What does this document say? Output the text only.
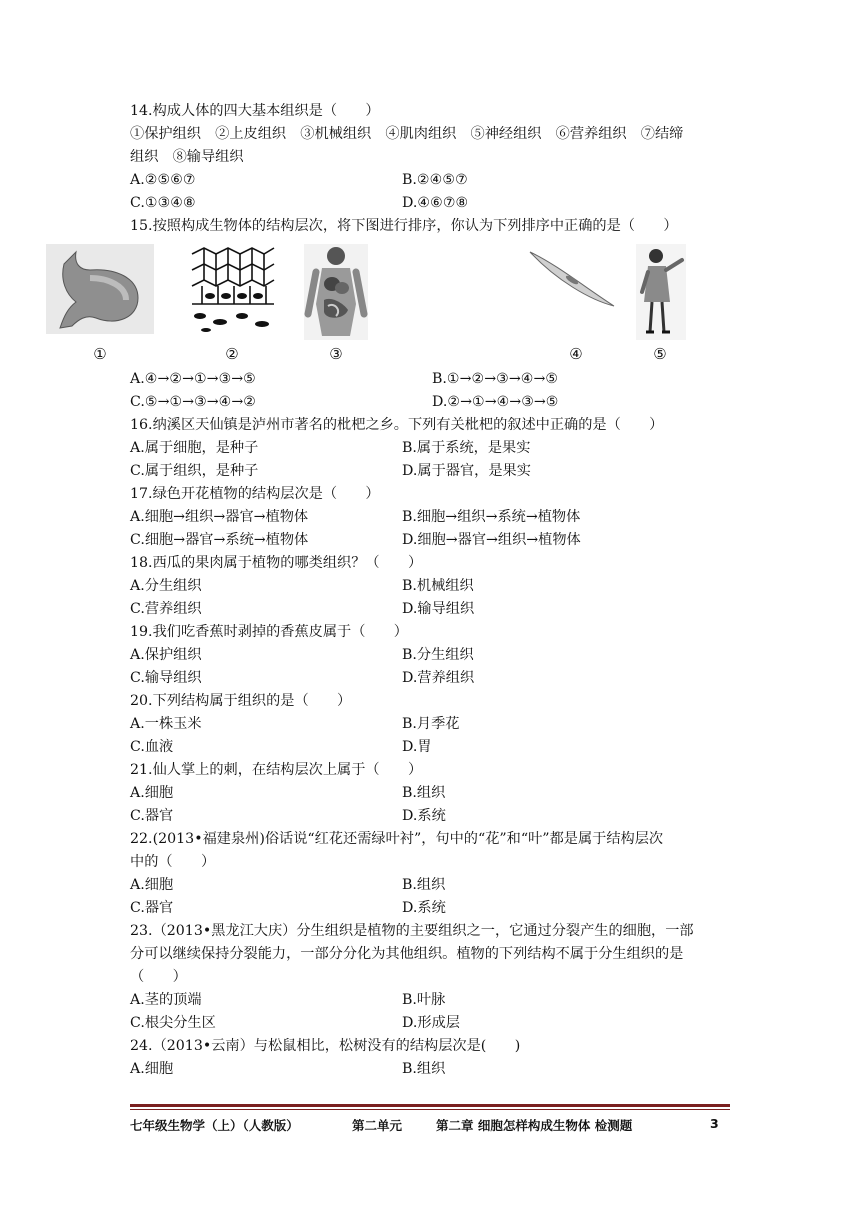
14.构成人体的四大基本组织是（　　）
①保护组织　②上皮组织　③机械组织　④肌肉组织　⑤神经组织　⑥营养组织　⑦结缔
组织　⑧输导组织
A.②⑤⑥⑦	B.②④⑤⑦
C.①③④⑧	D.④⑥⑦⑧
15.按照构成生物体的结构层次，将下图进行排序，你认为下列排序中正确的是（　　）
①	②	③	④	⑤
A.④→②→①→③→⑤	B.①→②→③→④→⑤
C.⑤→①→③→④→②	D.②→①→④→③→⑤
16.纳溪区天仙镇是泸州市著名的枇杷之乡。下列有关枇杷的叙述中正确的是（　　）
A.属于细胞，是种子	B.属于系统，是果实
C.属于组织，是种子	D.属于器官，是果实
17.绿色开花植物的结构层次是（　　）
A.细胞→组织→器官→植物体	B.细胞→组织→系统→植物体
C.细胞→器官→系统→植物体	D.细胞→器官→组织→植物体
18.西瓜的果肉属于植物的哪类组织？（　　）
A.分生组织	B.机械组织
C.营养组织	D.输导组织
19.我们吃香蕉时剥掉的香蕉皮属于（　　）
A.保护组织	B.分生组织
C.输导组织	D.营养组织
20.下列结构属于组织的是（　　）
A.一株玉米	B.月季花
C.血液	D.胃
21.仙人掌上的刺，在结构层次上属于（　　）
A.细胞	B.组织
C.器官	D.系统
22.(2013•福建泉州)俗话说“红花还需绿叶衬”，句中的“花”和“叶”都是属于结构层次
中的（　　）
A.细胞	B.组织
C.器官	D.系统
23.（2013•黑龙江大庆）分生组织是植物的主要组织之一，它通过分裂产生的细胞，一部
分可以继续保持分裂能力，一部分分化为其他组织。植物的下列结构不属于分生组织的是
（　　）
A.茎的顶端	B.叶脉
C.根尖分生区	D.形成层
24.（2013•云南）与松鼠相比，松树没有的结构层次是(　　)
A.细胞	B.组织
七年级生物学（上）（人教版）	第二单元	第二章 细胞怎样构成生物体 检测题	3
